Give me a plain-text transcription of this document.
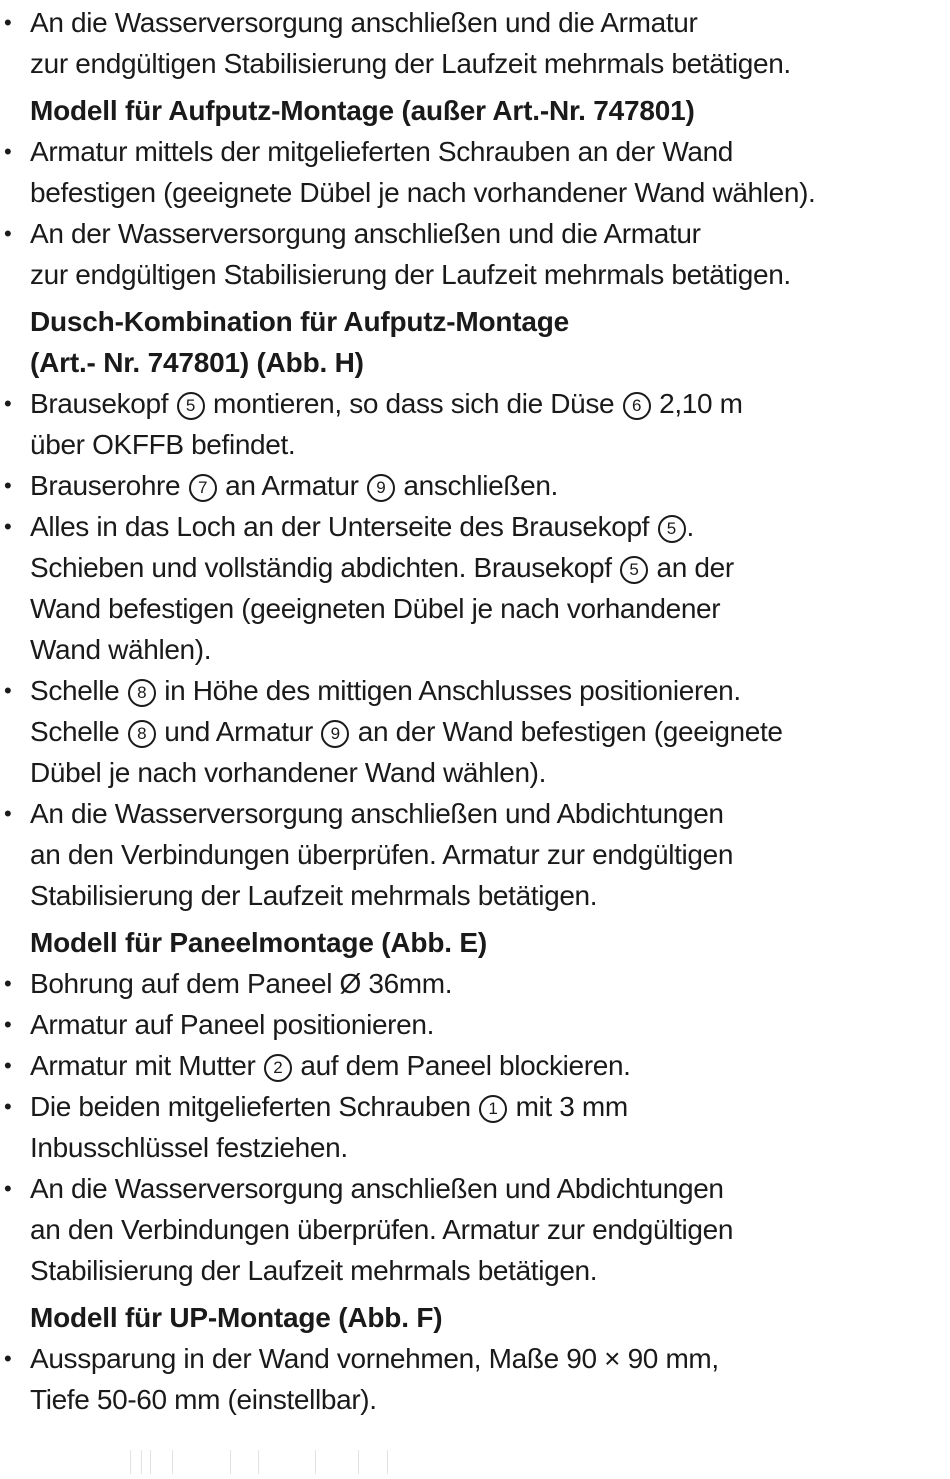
• An die Wasserversorgung anschließen und die Armatur
zur endgültigen Stabilisierung der Laufzeit mehrmals betätigen.
Modell für Aufputz-Montage (außer Art.-Nr. 747801)
• Armatur mittels der mitgelieferten Schrauben an der Wand
befestigen (geeignete Dübel je nach vorhandener Wand wählen).
• An der Wasserversorgung anschließen und die Armatur
zur endgültigen Stabilisierung der Laufzeit mehrmals betätigen.
Dusch-Kombination für Aufputz-Montage
(Art.- Nr. 747801) (Abb. H)
• Brausekopf 5 montieren, so dass sich die Düse 6 2,10 m
über OKFFB befindet.
• Brauserohre 7 an Armatur 9 anschließen.
• Alles in das Loch an der Unterseite des Brausekopf 5 .
Schieben und vollständig abdichten. Brausekopf 5 an der
Wand befestigen (geeigneten Dübel je nach vorhandener
Wand wählen).
• Schelle 8 in Höhe des mittigen Anschlusses positionieren.
Schelle 8 und Armatur 9 an der Wand befestigen (geeignete
Dübel je nach vorhandener Wand wählen).
• An die Wasserversorgung anschließen und Abdichtungen
an den Verbindungen überprüfen. Armatur zur endgültigen
Stabilisierung der Laufzeit mehrmals betätigen.
Modell für Paneelmontage (Abb. E)
• Bohrung auf dem Paneel Ø 36mm.
• Armatur auf Paneel positionieren.
• Armatur mit Mutter 2 auf dem Paneel blockieren.
• Die beiden mitgelieferten Schrauben 1 mit 3 mm
Inbusschlüssel festziehen.
• An die Wasserversorgung anschließen und Abdichtungen
an den Verbindungen überprüfen. Armatur zur endgültigen
Stabilisierung der Laufzeit mehrmals betätigen.
Modell für UP-Montage (Abb. F)
• Aussparung in der Wand vornehmen, Maße 90 × 90 mm,
Tiefe 50-60 mm (einstellbar).
